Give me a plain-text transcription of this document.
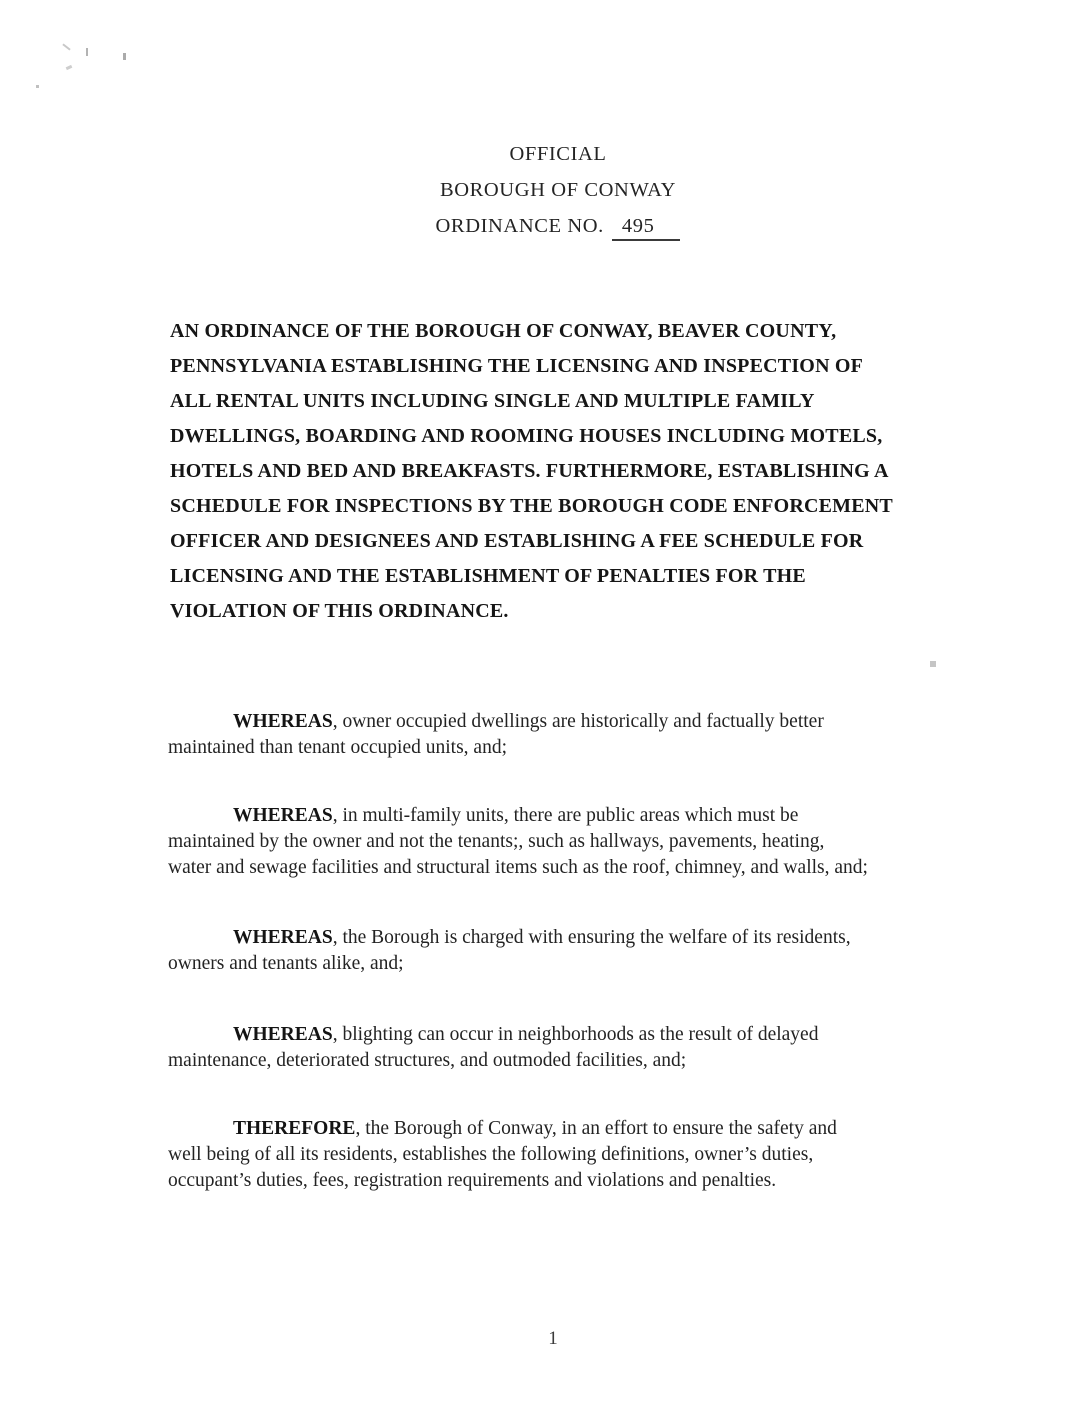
OFFICIAL
BOROUGH OF CONWAY
ORDINANCE NO. 495
AN ORDINANCE OF THE BOROUGH OF CONWAY, BEAVER COUNTY,
PENNSYLVANIA ESTABLISHING THE LICENSING AND INSPECTION OF
ALL RENTAL UNITS INCLUDING SINGLE AND MULTIPLE FAMILY
DWELLINGS, BOARDING AND ROOMING HOUSES INCLUDING MOTELS,
HOTELS AND BED AND BREAKFASTS. FURTHERMORE, ESTABLISHING A
SCHEDULE FOR INSPECTIONS BY THE BOROUGH CODE ENFORCEMENT
OFFICER AND DESIGNEES AND ESTABLISHING A FEE SCHEDULE FOR
LICENSING AND THE ESTABLISHMENT OF PENALTIES FOR THE
VIOLATION OF THIS ORDINANCE.
WHEREAS, owner occupied dwellings are historically and factually better
maintained than tenant occupied units, and;
WHEREAS, in multi-family units, there are public areas which must be
maintained by the owner and not the tenants;, such as hallways, pavements, heating,
water and sewage facilities and structural items such as the roof, chimney, and walls, and;
WHEREAS, the Borough is charged with ensuring the welfare of its residents,
owners and tenants alike, and;
WHEREAS, blighting can occur in neighborhoods as the result of delayed
maintenance, deteriorated structures, and outmoded facilities, and;
THEREFORE, the Borough of Conway, in an effort to ensure the safety and
well being of all its residents, establishes the following definitions, owner’s duties,
occupant’s duties, fees, registration requirements and violations and penalties.
1
